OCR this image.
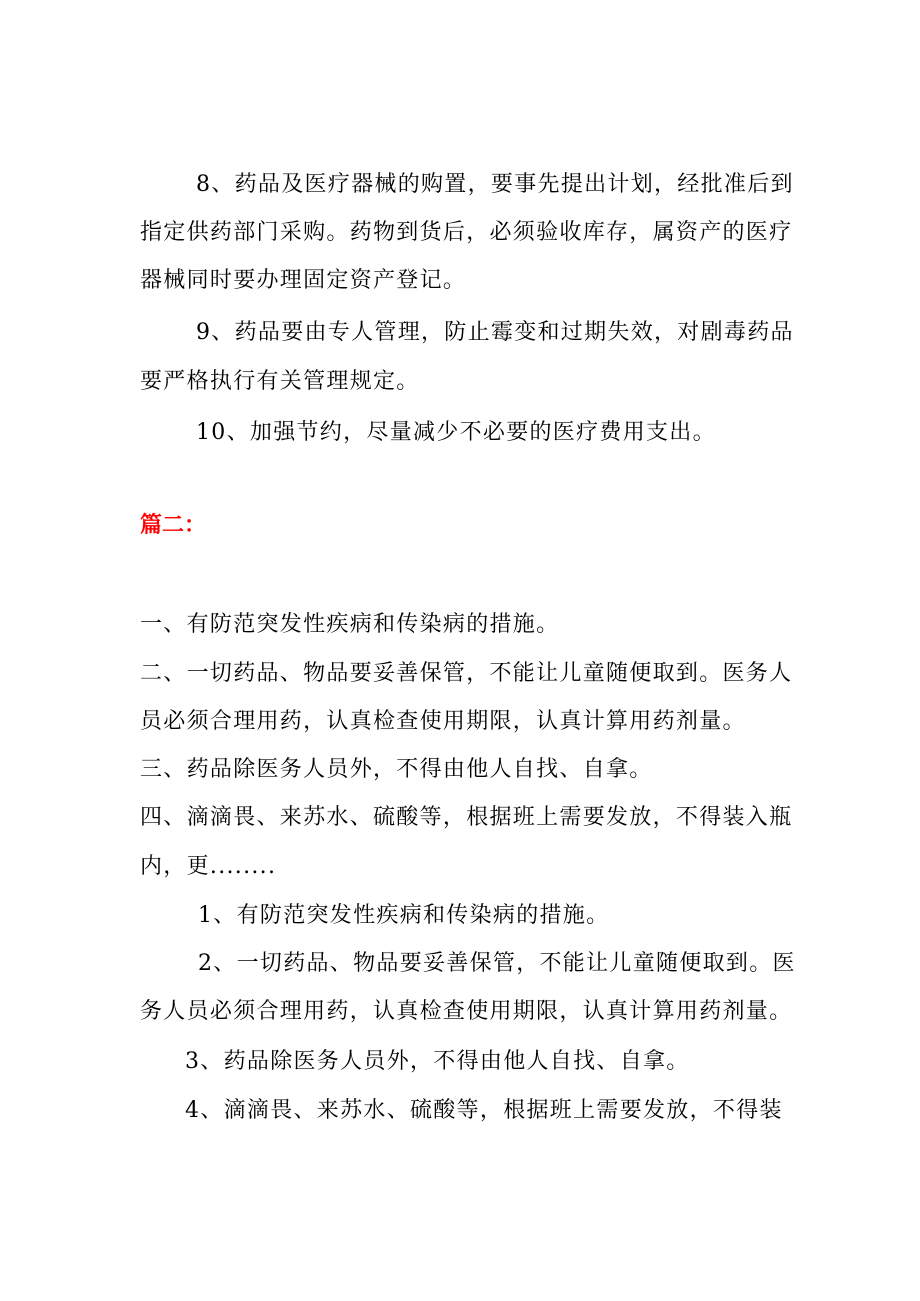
8、药品及医疗器械的购置，要事先提出计划，经批准后到
指定供药部门采购。药物到货后，必须验收库存，属资产的医疗
器械同时要办理固定资产登记。
9、药品要由专人管理，防止霉变和过期失效，对剧毒药品
要严格执行有关管理规定。
10、加强节约，尽量减少不必要的医疗费用支出。
篇二：
一、有防范突发性疾病和传染病的措施。
二、一切药品、物品要妥善保管，不能让儿童随便取到。医务人
员必须合理用药，认真检查使用期限，认真计算用药剂量。
三、药品除医务人员外，不得由他人自找、自拿。
四、滴滴畏、来苏水、硫酸等，根据班上需要发放，不得装入瓶
内，更........
1、有防范突发性疾病和传染病的措施。
2、一切药品、物品要妥善保管，不能让儿童随便取到。医
务人员必须合理用药，认真检查使用期限，认真计算用药剂量。
3、药品除医务人员外，不得由他人自找、自拿。
4、滴滴畏、来苏水、硫酸等，根据班上需要发放，不得装
